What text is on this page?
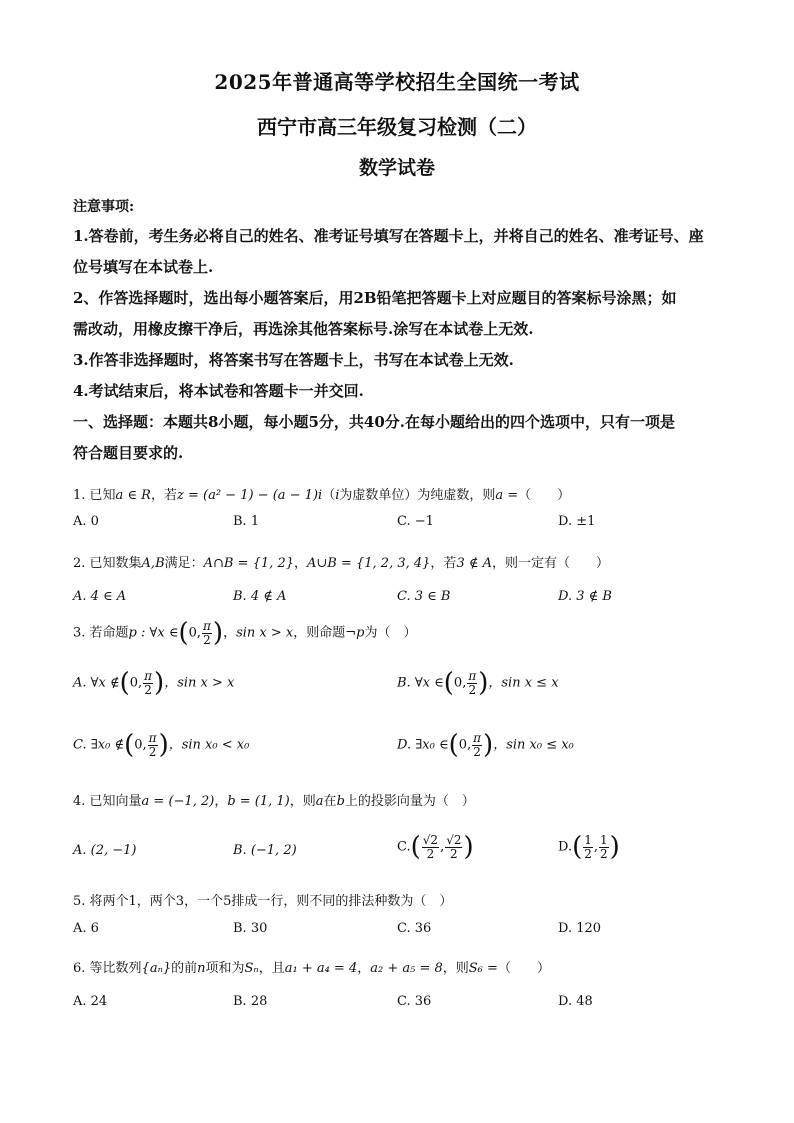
2025年普通高等学校招生全国统一考试
西宁市高三年级复习检测（二）
数学试卷
注意事项:
1.答卷前，考生务必将自己的姓名、准考证号填写在答题卡上，并将自己的姓名、准考证号、座
位号填写在本试卷上.
2、作答选择题时，选出每小题答案后，用2B铅笔把答题卡上对应题目的答案标号涂黑；如
需改动，用橡皮擦干净后，再选涂其他答案标号.涂写在本试卷上无效.
3.作答非选择题时，将答案书写在答题卡上，书写在本试卷上无效.
4.考试结束后，将本试卷和答题卡一并交回.
一、选择题：本题共8小题，每小题5分，共40分.在每小题给出的四个选项中，只有一项是
符合题目要求的.
1. 已知a ∈ R，若z = (a² − 1) − (a − 1)i（i为虚数单位）为纯虚数，则a =（　　）
A. 0	B. 1	C. −1	D. ±1
2. 已知数集A,B满足：A∩B = {1, 2}，A∪B = {1, 2, 3, 4}，若3 ∉ A，则一定有（　　）
A. 4 ∈ A	B. 4 ∉ A	C. 3 ∈ B	D. 3 ∉ B
3. 若命题p : ∀x ∈(0, $\frac{\pi}{2}$ )，sin x > x，则命题¬p为（　）
A. ∀x ∉(0, $\frac{\pi}{2}$ )，sin x > x	B. ∀x ∈(0, $\frac{\pi}{2}$ )，sin x ≤ x
C. ∃x₀ ∉(0, $\frac{\pi}{2}$ )，sin x₀ < x₀	D. ∃x₀ ∈(0, $\frac{\pi}{2}$ )，sin x₀ ≤ x₀
4. 已知向量a = (−1, 2)，b = (1, 1)，则a在b上的投影向量为（　）
A. (2, −1)	B. (−1, 2)	$C.( \frac{√2}{2}$ , $\frac{√2}{2}$ )	$D.( \frac{1}{2}$ , $\frac{1}{2}$ )
5. 将两个1，两个3，一个5排成一行，则不同的排法种数为（　）
A. 6	B. 30	C. 36	D. 120
6. 等比数列{aₙ}的前n项和为Sₙ，且a₁ + a₄ = 4，a₂ + a₅ = 8，则S₆ =（　　）
A. 24	B. 28	C. 36	D. 48
